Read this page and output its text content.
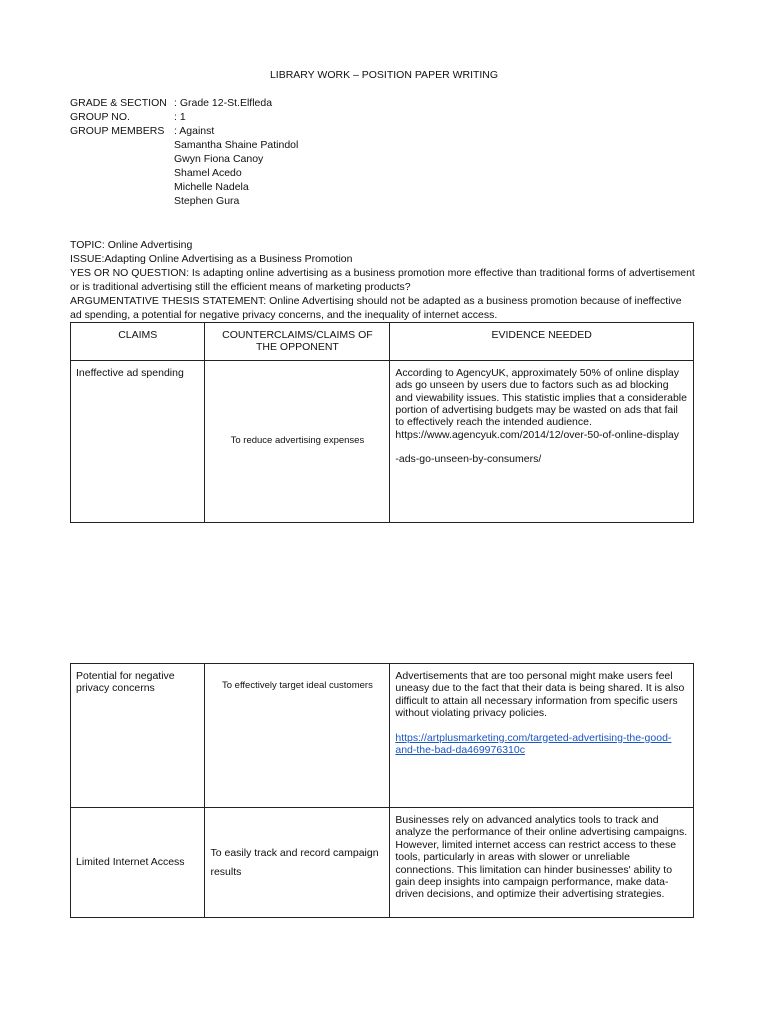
LIBRARY WORK – POSITION PAPER WRITING
GRADE & SECTION : Grade 12-St.Elfleda
GROUP NO.	: 1
GROUP MEMBERS : Against
Samantha Shaine Patindol
Gwyn Fiona Canoy
Shamel Acedo
Michelle Nadela
Stephen Gura

TOPIC: Online Advertising

ISSUE:Adapting Online Advertising as a Business Promotion

YES OR NO QUESTION: Is adapting online advertising as a business promotion more effective than traditional forms of advertisement or is traditional advertising still the efficient means of marketing products?

ARGUMENTATIVE THESIS STATEMENT: Online Advertising should not be adapted as a business promotion because of ineffective ad spending, a potential for negative privacy concerns, and the inequality of internet access.

CLAIMS	COUNTERCLAIMS/CLAIMS OF THE OPPONENT	EVIDENCE NEEDED
Ineffective ad spending	To reduce advertising expenses	According to AgencyUK, approximately 50% of online display ads go unseen by users due to factors such as ad blocking and viewability issues. This statistic implies that a considerable portion of advertising budgets may be wasted on ads that fail to effectively reach the intended audience. https://www.agencyuk.com/2014/12/over-50-of-online-display
-ads-go-unseen-by-consumers/
Potential for negative privacy concerns	To effectively target ideal customers	Advertisements that are too personal might make users feel uneasy due to the fact that their data is being shared. It is also difficult to attain all necessary information from specific users without violating privacy policies.
https://artplusmarketing.com/targeted-advertising-the-good-and-the-bad-da469976310c

Limited Internet Access	To easily track and record campaign results	Businesses rely on advanced analytics tools to track and analyze the performance of their online advertising campaigns. However, limited internet access can restrict access to these tools, particularly in areas with slower or unreliable connections. This limitation can hinder businesses' ability to gain deep insights into campaign performance, make data-driven decisions, and optimize their advertising strategies.
